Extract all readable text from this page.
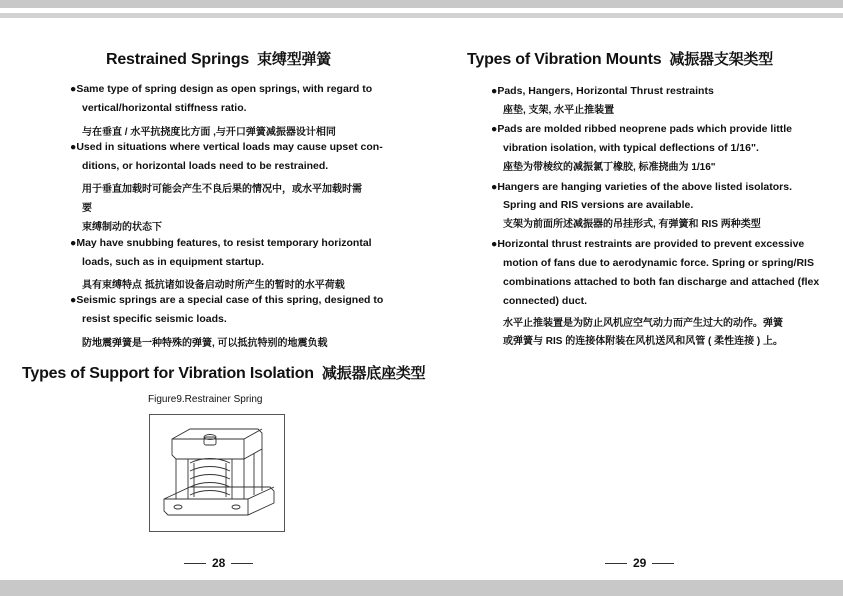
Restrained Springs 束缚型弹簧
●Same type of spring design as open springs, with regard to
vertical/horizontal stiffness ratio.
与在垂直 / 水平抗挠度比方面 ,与开口弹簧减振器设计相同
●Used in situations where vertical loads may cause upset con-
ditions, or horizontal loads need to be restrained.
用于垂直加载时可能会产生不良后果的情况中，或水平加载时需
要
束缚制动的状态下
●May have snubbing features, to resist temporary horizontal
loads, such as in equipment startup.
具有束缚特点 抵抗诸如设备启动时所产生的暂时的水平荷载
●Seismic springs are a special case of this spring, designed to
resist specific seismic loads.
防地震弹簧是一种特殊的弹簧, 可以抵抗特别的地震负载
Types of Support for Vibration Isolation 减振器底座类型
Figure9.Restrainer Spring
28
Types of Vibration Mounts 减振器支架类型
●Pads, Hangers, Horizontal Thrust restraints
座垫, 支架, 水平止推装置
●Pads are molded ribbed neoprene pads which provide little
vibration isolation, with typical deflections of 1/16".
座垫为带棱纹的减振氯丁橡胶, 标准挠曲为 1/16"
●Hangers are hanging varieties of the above listed isolators.
Spring and RIS versions are available.
支架为前面所述减振器的吊挂形式, 有弹簧和 RIS 两种类型
●Horizontal thrust restraints are provided to prevent excessive
motion of fans due to aerodynamic force. Spring or spring/RIS
combinations attached to both fan discharge and attached (flex
connected) duct.
水平止推装置是为防止风机应空气动力而产生过大的动作。弹簧
或弹簧与 RIS 的连接体附装在风机送风和风管 ( 柔性连接 ) 上。
29
